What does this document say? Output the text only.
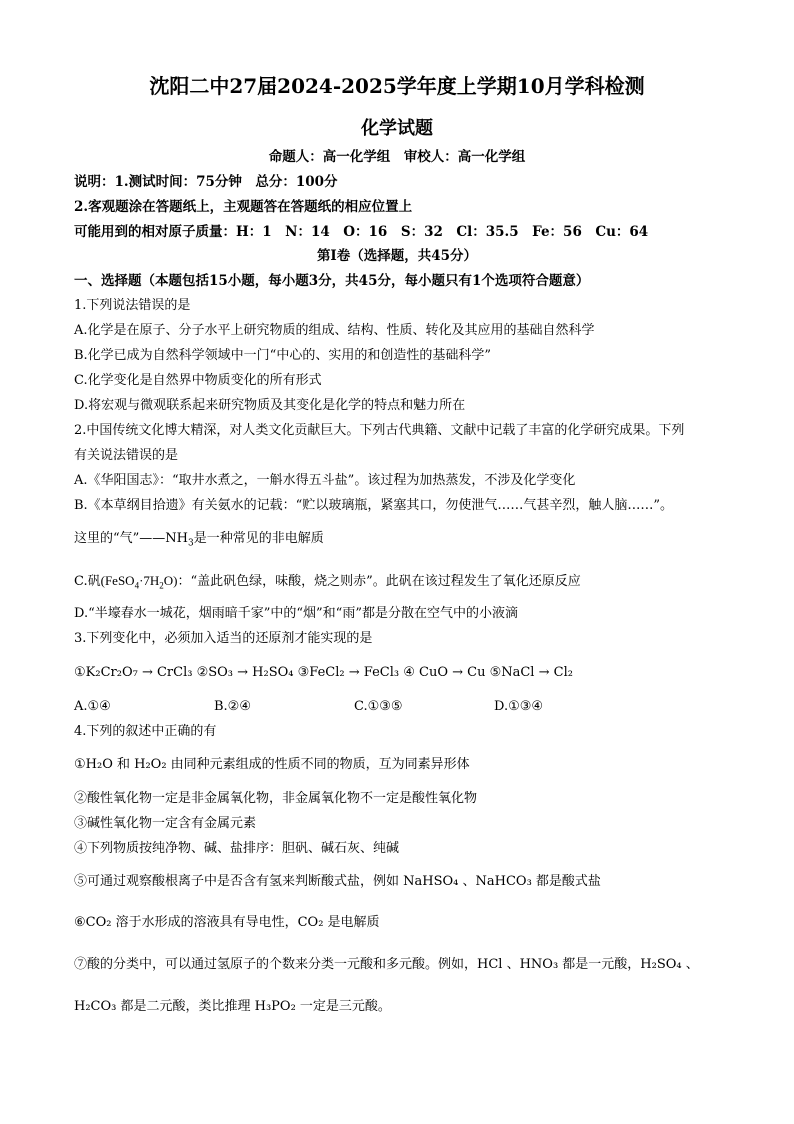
沈阳二中27届2024-2025学年度上学期10月学科检测
化学试题
命题人：高一化学组　审校人：高一化学组
说明：1.测试时间：75分钟　总分：100分
2.客观题涂在答题纸上，主观题答在答题纸的相应位置上
可能用到的相对原子质量：H：1　N：14　O：16　S：32　Cl：35.5　Fe：56　Cu：64
第Ⅰ卷（选择题，共45分）
一、选择题（本题包括15小题，每小题3分，共45分，每小题只有1个选项符合题意）
1.下列说法错误的是
A.化学是在原子、分子水平上研究物质的组成、结构、性质、转化及其应用的基础自然科学
B.化学已成为自然科学领域中一门“中心的、实用的和创造性的基础科学”
C.化学变化是自然界中物质变化的所有形式
D.将宏观与微观联系起来研究物质及其变化是化学的特点和魅力所在
2.中国传统文化博大精深，对人类文化贡献巨大。下列古代典籍、文献中记载了丰富的化学研究成果。下列
有关说法错误的是
A.《华阳国志》：“取井水煮之，一斛水得五斗盐”。该过程为加热蒸发，不涉及化学变化
B.《本草纲目拾遗》有关氨水的记载：“贮以玻璃瓶，紧塞其口，勿使泄气……气甚辛烈，触人脑……”。
这里的“气$”——NH_3$是一种常见的非电解质
C.矾$(FeSO_4\cdot 7H_2O)$：“盖此矾色绿，味酸，烧之则赤”。此矾在该过程发生了氧化还原反应
D.“半壕春水一城花，烟雨暗千家”中的“烟”和“雨”都是分散在空气中的小液滴
3.下列变化中，必须加入适当的还原剂才能实现的是
①K₂Cr₂O₇ → CrCl₃ ②SO₃ → H₂SO₄ ③FeCl₂ → FeCl₃ ④ CuO → Cu ⑤NaCl → Cl₂
A.①④	B.②④	C.①③⑤	D.①③④
4.下列的叙述中正确的有
①H₂O 和 H₂O₂ 由同种元素组成的性质不同的物质，互为同素异形体
②酸性氧化物一定是非金属氧化物，非金属氧化物不一定是酸性氧化物
③碱性氧化物一定含有金属元素
④下列物质按纯净物、碱、盐排序：胆矾、碱石灰、纯碱
⑤可通过观察酸根离子中是否含有氢来判断酸式盐，例如 NaHSO₄ 、NaHCO₃ 都是酸式盐
⑥CO₂ 溶于水形成的溶液具有导电性，CO₂ 是电解质
⑦酸的分类中，可以通过氢原子的个数来分类一元酸和多元酸。例如，HCl 、HNO₃ 都是一元酸，H₂SO₄ 、
H₂CO₃ 都是二元酸，类比推理 H₃PO₂ 一定是三元酸。
